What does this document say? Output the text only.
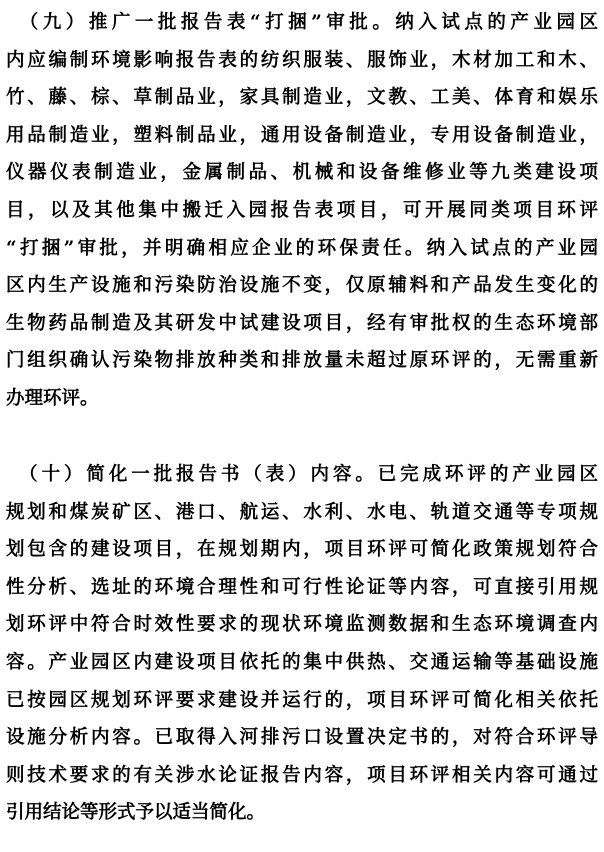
　（九）推广一批报告表“打捆”审批。纳入试点的产业园区
内应编制环境影响报告表的纺织服装、服饰业，木材加工和木、
竹、藤、棕、草制品业，家具制造业，文教、工美、体育和娱乐
用品制造业，塑料制品业，通用设备制造业，专用设备制造业，
仪器仪表制造业，金属制品、机械和设备维修业等九类建设项
目，以及其他集中搬迁入园报告表项目，可开展同类项目环评
“打捆”审批，并明确相应企业的环保责任。纳入试点的产业园
区内生产设施和污染防治设施不变，仅原辅料和产品发生变化的
生物药品制造及其研发中试建设项目，经有审批权的生态环境部
门组织确认污染物排放种类和排放量未超过原环评的，无需重新
办理环评。

　（十）简化一批报告书（表）内容。已完成环评的产业园区
规划和煤炭矿区、港口、航运、水利、水电、轨道交通等专项规
划包含的建设项目，在规划期内，项目环评可简化政策规划符合
性分析、选址的环境合理性和可行性论证等内容，可直接引用规
划环评中符合时效性要求的现状环境监测数据和生态环境调查内
容。产业园区内建设项目依托的集中供热、交通运输等基础设施
已按园区规划环评要求建设并运行的，项目环评可简化相关依托
设施分析内容。已取得入河排污口设置决定书的，对符合环评导
则技术要求的有关涉水论证报告内容，项目环评相关内容可通过
引用结论等形式予以适当简化。
